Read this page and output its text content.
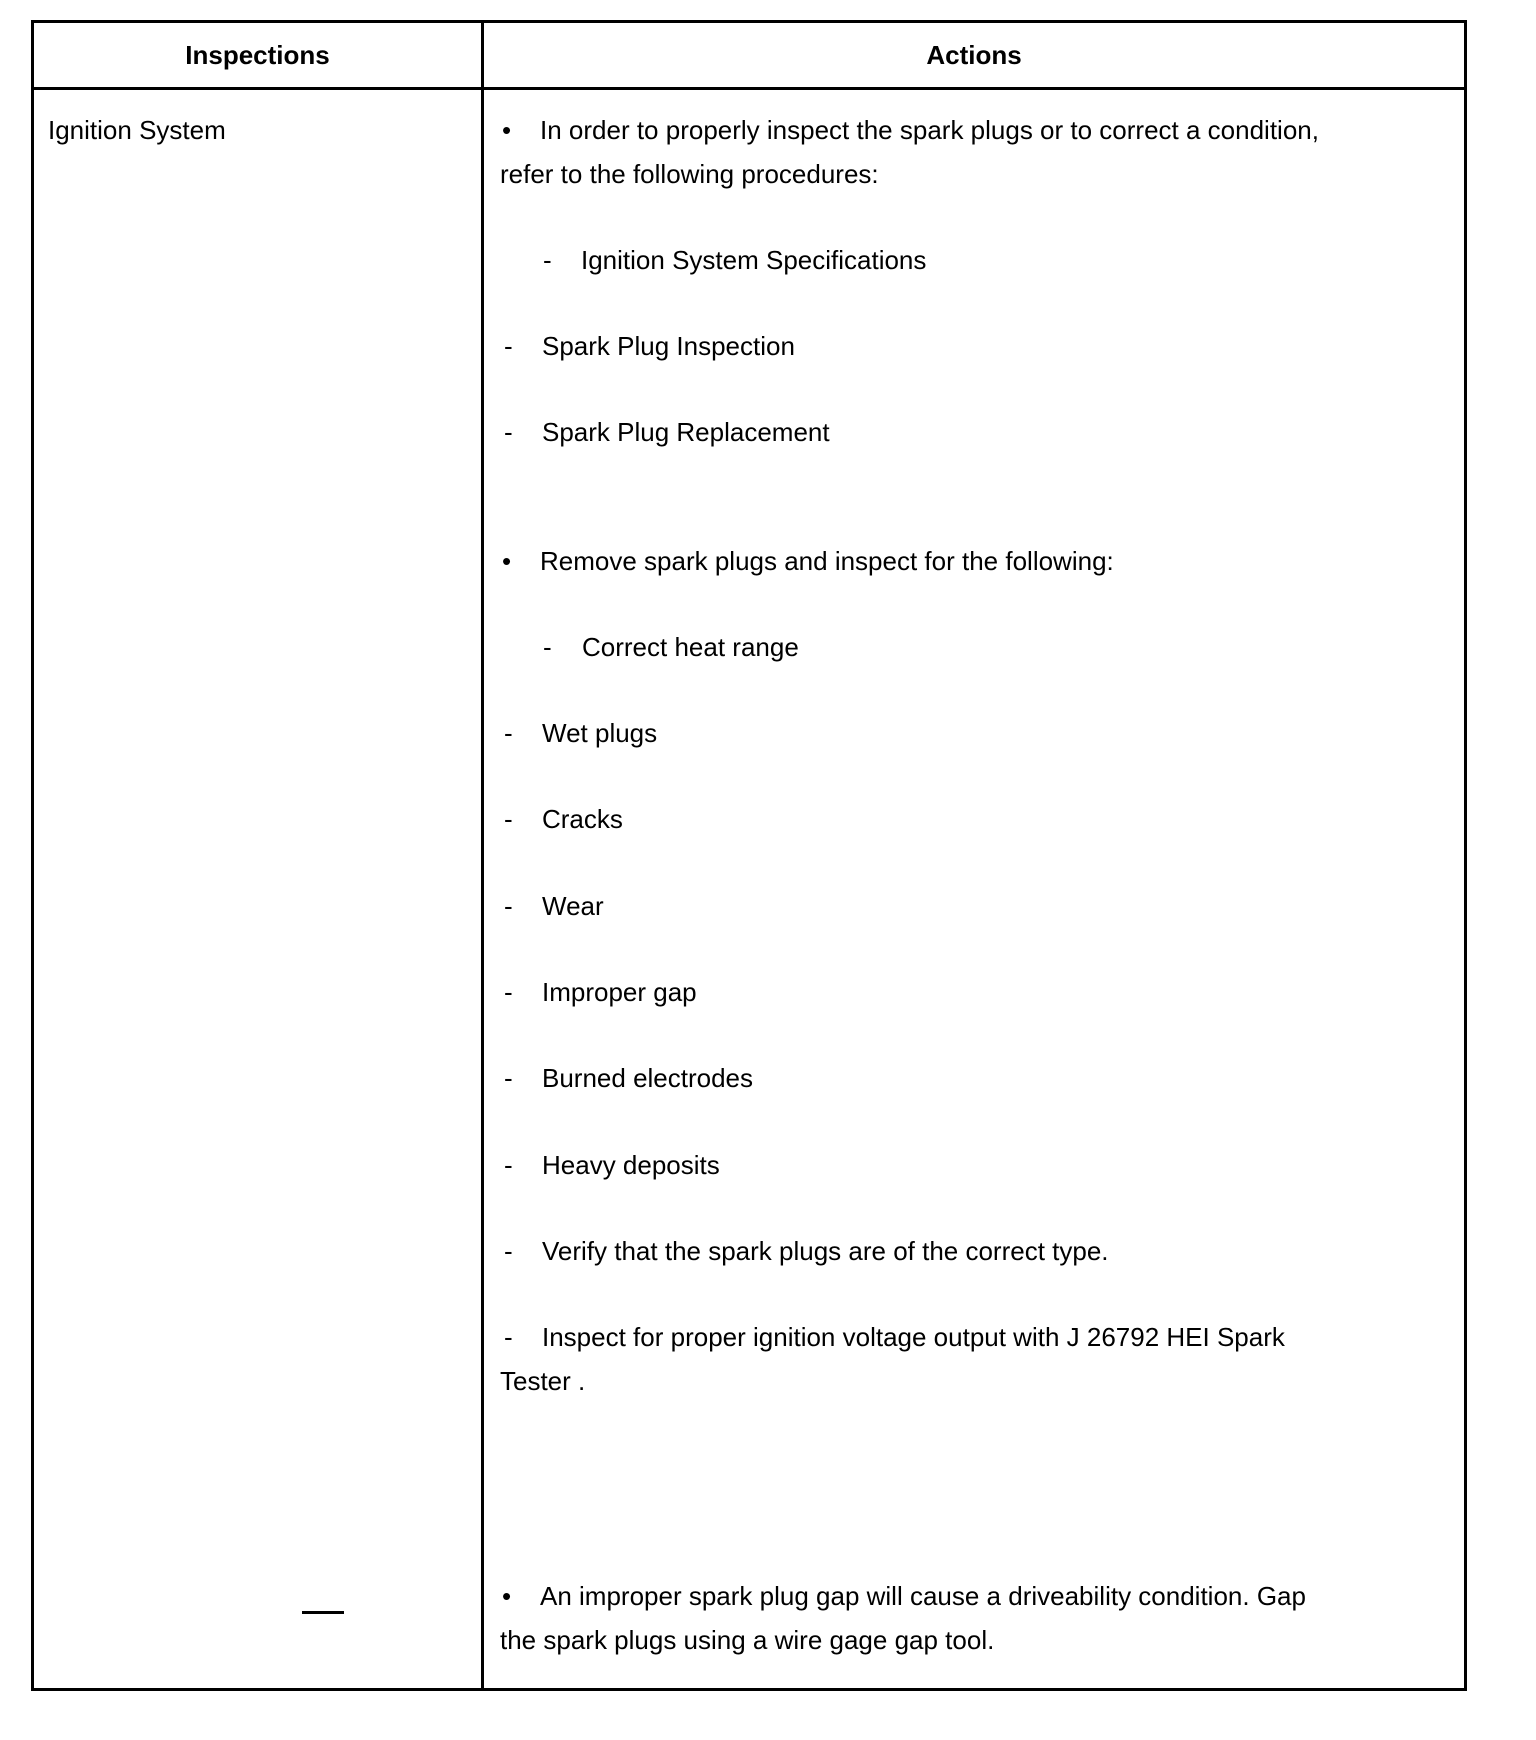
Inspections	Actions
Ignition System	• In order to properly inspect the spark plugs or to correct a condition,
refer to the following procedures:
- Ignition System Specifications
- Spark Plug Inspection
- Spark Plug Replacement
• Remove spark plugs and inspect for the following:
- Correct heat range
- Wet plugs
- Cracks
- Wear
- Improper gap
- Burned electrodes
- Heavy deposits
- Verify that the spark plugs are of the correct type.
- Inspect for proper ignition voltage output with J 26792 HEI Spark
Tester .
• An improper spark plug gap will cause a driveability condition. Gap
the spark plugs using a wire gage gap tool.
